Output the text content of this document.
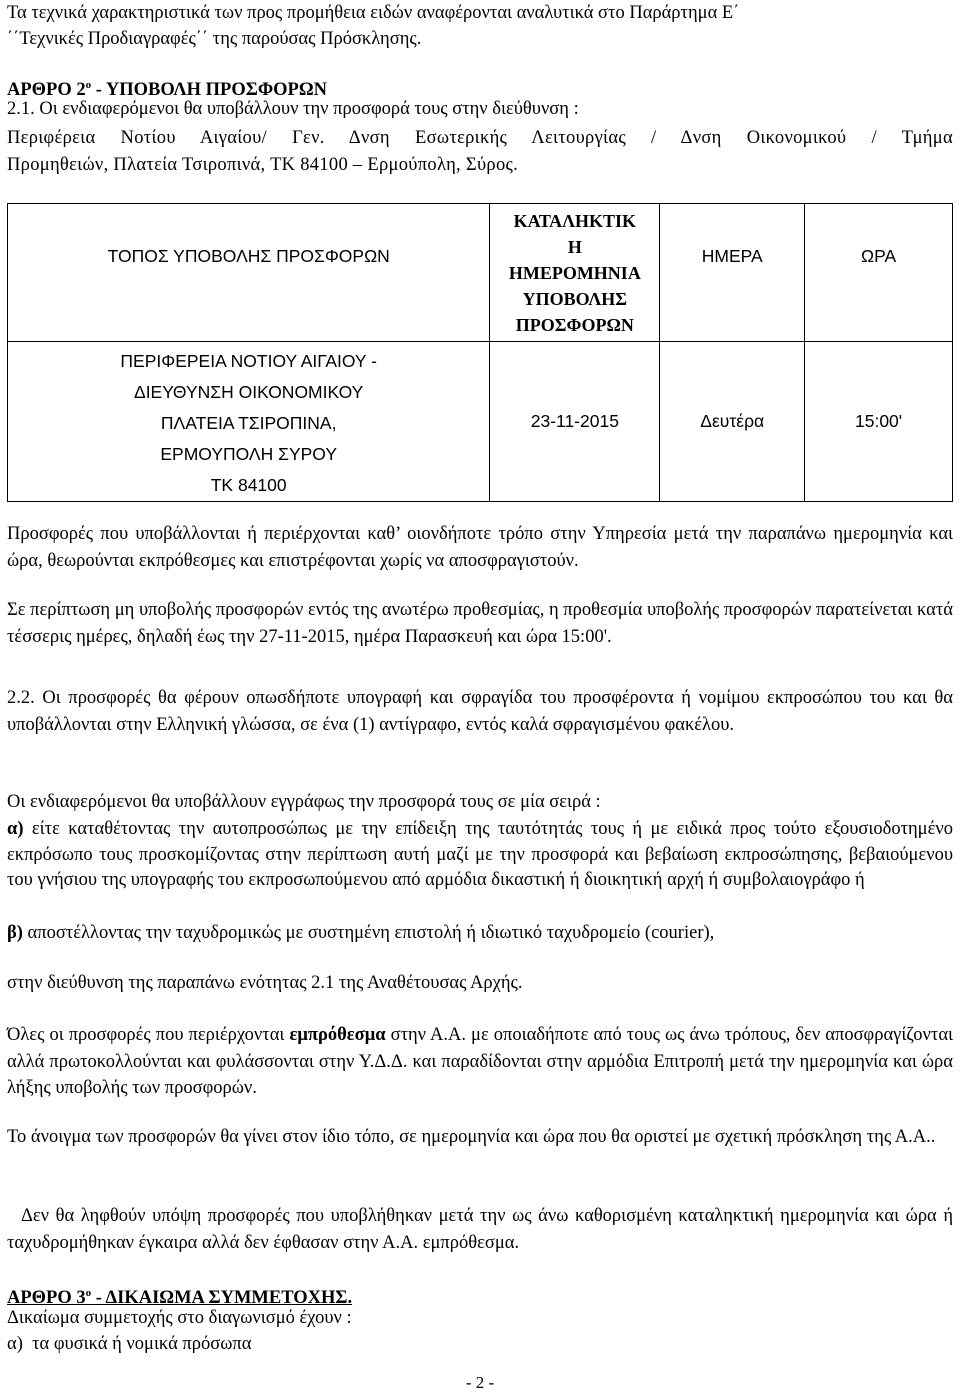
Τα τεχνικά χαρακτηριστικά των προς προμήθεια ειδών αναφέρονται αναλυτικά στο Παράρτημα Ε΄

΄΄Τεχνικές Προδιαγραφές΄΄ της παρούσας Πρόσκλησης.

ΑΡΘΡΟ $2^o$ - ΥΠΟΒΟΛΗ ΠΡΟΣΦΟΡΩΝ

2.1. Οι ενδιαφερόμενοι θα υποβάλλουν την προσφορά τους στην διεύθυνση :

Περιφέρεια Νοτίου Αιγαίου/ Γεν. Δνση Εσωτερικής Λειτουργίας / Δνση Οικονομικού / Τμήμα

Προμηθειών, Πλατεία Τσιροπινά, ΤΚ 84100 – Ερμούπολη, Σύρος.

ΤΟΠΟΣ ΥΠΟΒΟΛΗΣ ΠΡΟΣΦΟΡΩΝ	ΚΑΤΑΛΗΚΤΙΚ
Η
ΗΜΕΡΟΜΗΝΙΑ
ΥΠΟΒΟΛΗΣ
ΠΡΟΣΦΟΡΩΝ	ΗΜΕΡΑ	ΩΡΑ

ΠΕΡΙΦΕΡΕΙΑ ΝΟΤΙΟΥ ΑΙΓΑΙΟΥ -
ΔΙΕΥΘΥΝΣΗ ΟΙΚΟΝΟΜΙΚΟΥ
ΠΛΑΤΕΙΑ ΤΣΙΡΟΠΙΝΑ,
ΕΡΜΟΥΠΟΛΗ ΣΥΡΟΥ
ΤΚ 84100	23-11-2015	Δευτέρα	15:00'

Προσφορές που υποβάλλονται ή περιέρχονται καθ’ οιονδήποτε τρόπο στην Υπηρεσία μετά την παραπάνω ημερομηνία και ώρα, θεωρούνται εκπρόθεσμες και επιστρέφονται χωρίς να αποσφραγιστούν.

Σε περίπτωση μη υποβολής προσφορών εντός της ανωτέρω προθεσμίας, η προθεσμία υποβολής προσφορών παρατείνεται κατά τέσσερις ημέρες, δηλαδή έως την 27-11-2015, ημέρα Παρασκευή και ώρα 15:00'.

2.2. Οι προσφορές θα φέρουν οπωσδήποτε υπογραφή και σφραγίδα του προσφέροντα ή νομίμου εκπροσώπου του και θα υποβάλλονται στην Ελληνική γλώσσα, σε ένα (1) αντίγραφο, εντός καλά σφραγισμένου φακέλου.

Οι ενδιαφερόμενοι θα υποβάλλουν εγγράφως την προσφορά τους σε μία σειρά :

α) είτε καταθέτοντας την αυτοπροσώπως με την επίδειξη της ταυτότητάς τους ή με ειδικά προς τούτο εξουσιοδοτημένο εκπρόσωπο τους προσκομίζοντας στην περίπτωση αυτή μαζί με την προσφορά και βεβαίωση εκπροσώπησης, βεβαιούμενου του γνήσιου της υπογραφής του εκπροσωπούμενου από αρμόδια δικαστική ή διοικητική αρχή ή συμβολαιογράφο ή

β) αποστέλλοντας την ταχυδρομικώς με συστημένη επιστολή ή ιδιωτικό ταχυδρομείο (courier),

στην διεύθυνση της παραπάνω ενότητας 2.1 της Αναθέτουσας Αρχής.

Όλες οι προσφορές που περιέρχονται εμπρόθεσμα στην Α.Α. με οποιαδήποτε από τους ως άνω τρόπους, δεν αποσφραγίζονται αλλά πρωτοκολλούνται και φυλάσσονται στην Υ.Δ.Δ. και παραδίδονται στην αρμόδια Επιτροπή μετά την ημερομηνία και ώρα λήξης υποβολής των προσφορών.

Το άνοιγμα των προσφορών θα γίνει στον ίδιο τόπο, σε ημερομηνία και ώρα που θα οριστεί με σχετική πρόσκληση της Α.Α..

Δεν θα ληφθούν υπόψη προσφορές που υποβλήθηκαν μετά την ως άνω καθορισμένη καταληκτική ημερομηνία και ώρα ή ταχυδρομήθηκαν έγκαιρα αλλά δεν έφθασαν στην Α.Α. εμπρόθεσμα.

ΑΡΘΡΟ $3^o$ - ΔΙΚΑΙΩΜΑ ΣΥΜΜΕΤΟΧΗΣ.

Δικαίωμα συμμετοχής στο διαγωνισμό έχουν :

α)  τα φυσικά ή νομικά πρόσωπα

- 2 -
